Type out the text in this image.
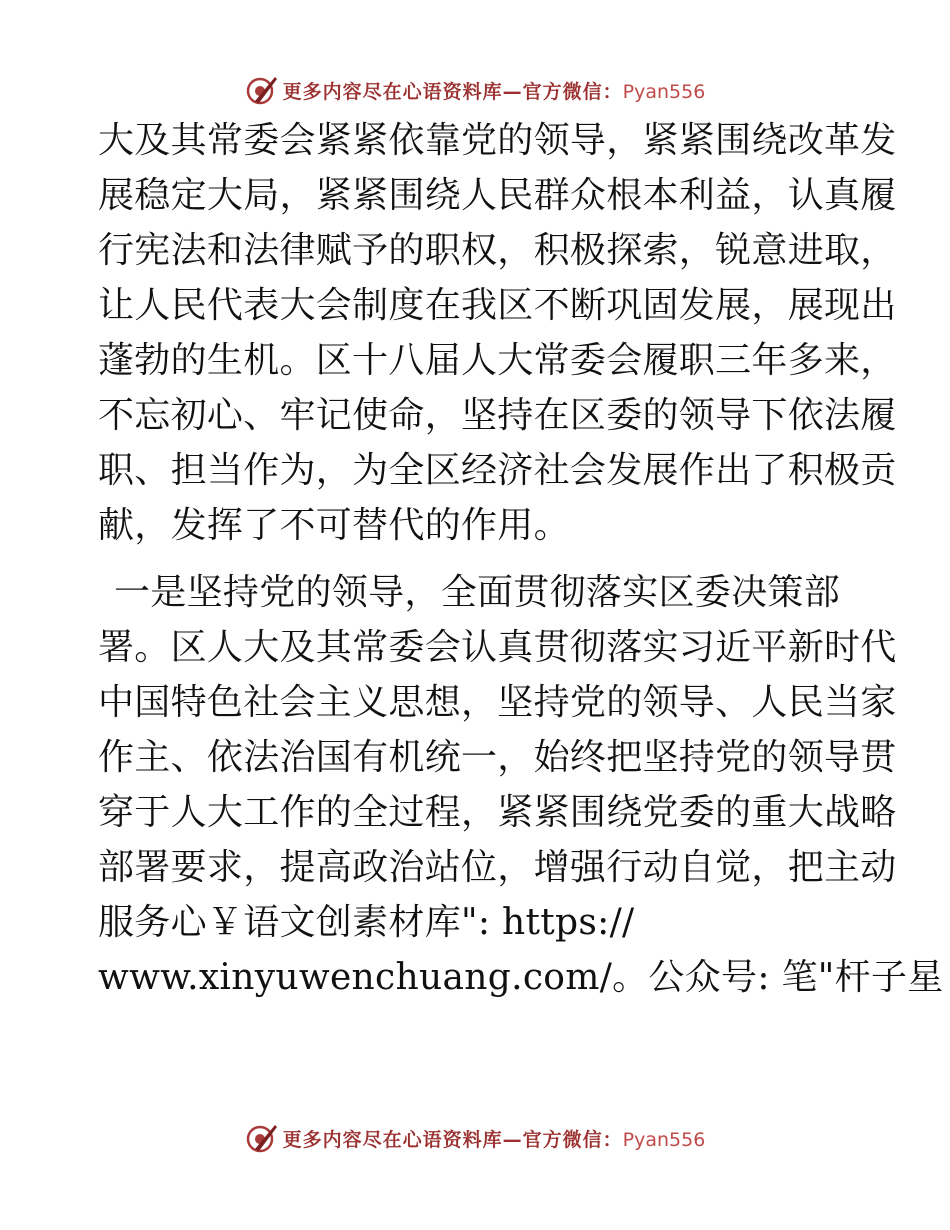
更多内容尽在心语资料库—官方微信：Pyan556
大及其常委会紧紧依靠党的领导，紧紧围绕改革发
展稳定大局，紧紧围绕人民群众根本利益，认真履
行宪法和法律赋予的职权，积极探索，锐意进取，
让人民代表大会制度在我区不断巩固发展，展现出
蓬勃的生机。区十八届人大常委会履职三年多来，
不忘初心、牢记使命，坚持在区委的领导下依法履
职、担当作为，为全区经济社会发展作出了积极贡
献，发挥了不可替代的作用。
一是坚持党的领导，全面贯彻落实区委决策部
署。区人大及其常委会认真贯彻落实习近平新时代
中国特色社会主义思想，坚持党的领导、人民当家
作主、依法治国有机统一，始终把坚持党的领导贯
穿于人大工作的全过程，紧紧围绕党委的重大战略
部署要求，提高政治站位，增强行动自觉，把主动
服务心￥语文创素材库": https://
www.xinyuwenchuang.com/。公众号: 笔"杆子星
更多内容尽在心语资料库—官方微信：Pyan556
